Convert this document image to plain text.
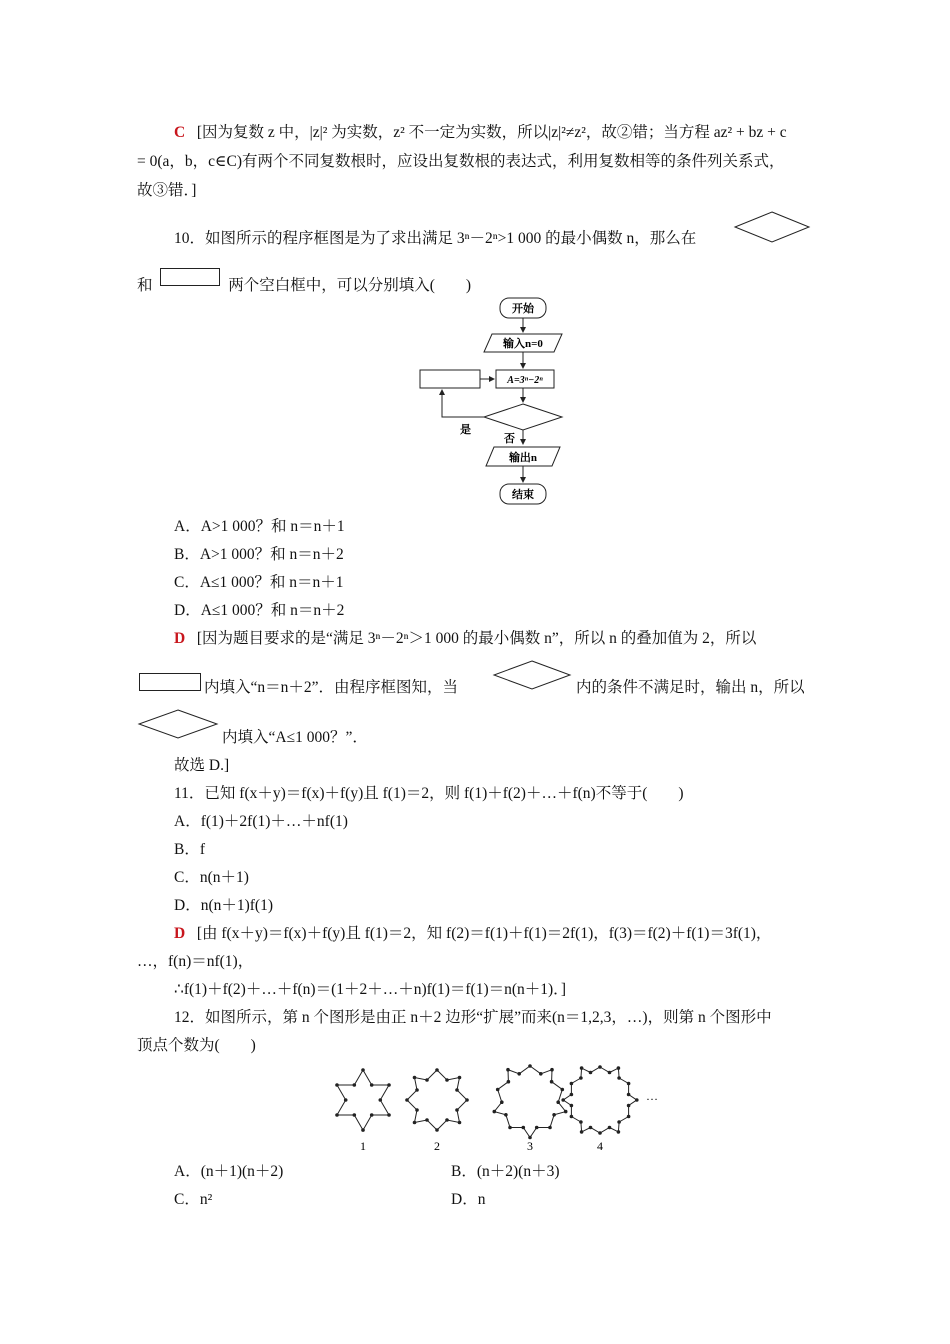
C [因为复数 z 中，|z|² 为实数，z² 不一定为实数，所以|z|²≠z²，故②错；当方程 az² + bz + c
= 0(a，b，c∈C)有两个不同复数根时，应设出复数根的表达式，利用复数相等的条件列关系式，
故③错．]
10．如图所示的程序框图是为了求出满足 3ⁿ－2ⁿ>1 000 的最小偶数 n，那么在
和	两个空白框中，可以分别填入(　　)
开始
输入n=0
A=3ⁿ−2ⁿ
是
否
输出n
结束
A．A>1 000？和 n＝n＋1
B．A>1 000？和 n＝n＋2
C．A≤1 000？和 n＝n＋1
D．A≤1 000？和 n＝n＋2
D [因为题目要求的是“满足 3ⁿ－2ⁿ＞1 000 的最小偶数 n”，所以 n 的叠加值为 2，所以
内填入“n＝n＋2”．由程序框图知，当	内的条件不满足时，输出 n，所以
内填入“A≤1 000？”．
故选 D.]
11．已知 f(x＋y)＝f(x)＋f(y)且 f(1)＝2，则 f(1)＋f(2)＋…＋f(n)不等于(　　)
A．f(1)＋2f(1)＋…＋nf(1)
B．f
C．n(n＋1)
D．n(n＋1)f(1)
D [由 f(x＋y)＝f(x)＋f(y)且 f(1)＝2，知 f(2)＝f(1)＋f(1)＝2f(1)，f(3)＝f(2)＋f(1)＝3f(1)，
…，f(n)＝nf(1)，
∴f(1)＋f(2)＋…＋f(n)＝(1＋2＋…＋n)f(1)＝f(1)＝n(n＋1)．]
12．如图所示，第 n 个图形是由正 n＋2 边形“扩展”而来(n＝1,2,3，…)，则第 n 个图形中
顶点个数为(　　)
1	2	3	4
…
A．(n＋1)(n＋2)	B．(n＋2)(n＋3)
C．n²	D．n
